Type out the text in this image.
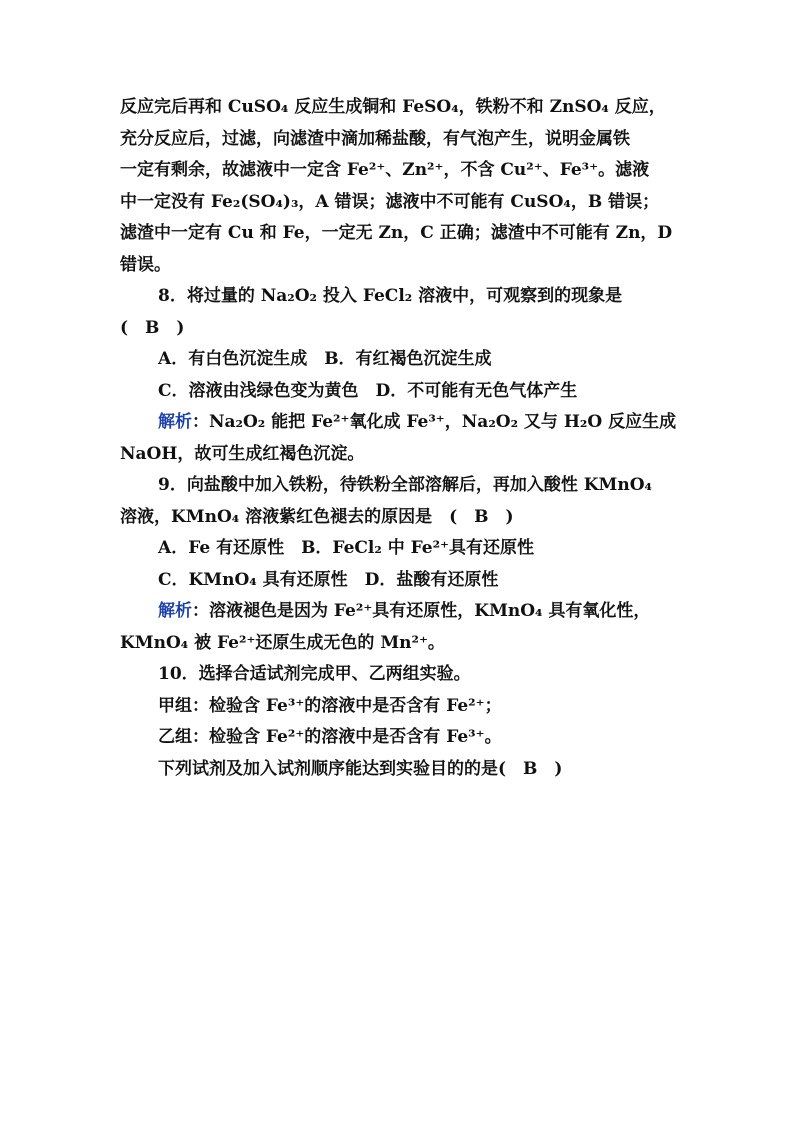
反应完后再和 CuSO₄ 反应生成铜和 FeSO₄，铁粉不和 ZnSO₄ 反应，
充分反应后，过滤，向滤渣中滴加稀盐酸，有气泡产生，说明金属铁
一定有剩余，故滤液中一定含 Fe²⁺、Zn²⁺，不含 Cu²⁺、Fe³⁺。滤液
中一定没有 Fe₂(SO₄)₃，A 错误；滤液中不可能有 CuSO₄，B 错误；
滤渣中一定有 Cu 和 Fe，一定无 Zn，C 正确；滤渣中不可能有 Zn，D
错误。
8．将过量的 Na₂O₂ 投入 FeCl₂ 溶液中，可观察到的现象是
(　B　)
A．有白色沉淀生成　B．有红褐色沉淀生成
C．溶液由浅绿色变为黄色　D．不可能有无色气体产生
解析：Na₂O₂ 能把 Fe²⁺氧化成 Fe³⁺，Na₂O₂ 又与 H₂O 反应生成
NaOH，故可生成红褐色沉淀。
9．向盐酸中加入铁粉，待铁粉全部溶解后，再加入酸性 KMnO₄
溶液，KMnO₄ 溶液紫红色褪去的原因是　(　B　)
A．Fe 有还原性　B．FeCl₂ 中 Fe²⁺具有还原性
C．KMnO₄ 具有还原性　D．盐酸有还原性
解析：溶液褪色是因为 Fe²⁺具有还原性，KMnO₄ 具有氧化性，
KMnO₄ 被 Fe²⁺还原生成无色的 Mn²⁺。
10．选择合适试剂完成甲、乙两组实验。
甲组：检验含 Fe³⁺的溶液中是否含有 Fe²⁺；
乙组：检验含 Fe²⁺的溶液中是否含有 Fe³⁺。
下列试剂及加入试剂顺序能达到实验目的的是(　B　)
